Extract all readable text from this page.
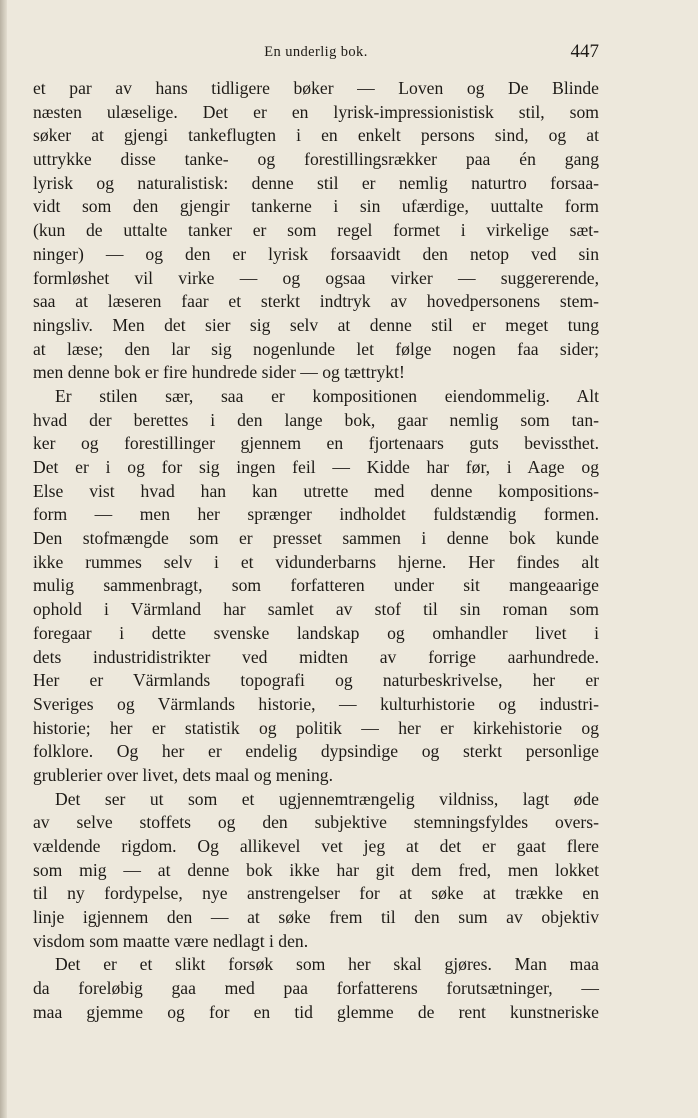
En underlig bok.	447
et par av hans tidligere bøker — Loven og De Blinde
næsten ulæselige. Det er en lyrisk-impressionistisk stil, som
søker at gjengi tankeflugten i en enkelt persons sind, og at
uttrykke disse tanke- og forestillingsrækker paa én gang
lyrisk og naturalistisk: denne stil er nemlig naturtro forsaa-
vidt som den gjengir tankerne i sin ufærdige, uuttalte form
(kun de uttalte tanker er som regel formet i virkelige sæt-
ninger) — og den er lyrisk forsaavidt den netop ved sin
formløshet vil virke — og ogsaa virker — suggererende,
saa at læseren faar et sterkt indtryk av hovedpersonens stem-
ningsliv. Men det sier sig selv at denne stil er meget tung
at læse; den lar sig nogenlunde let følge nogen faa sider;
men denne bok er fire hundrede sider — og tættrykt!
Er stilen sær, saa er kompositionen eiendommelig. Alt
hvad der berettes i den lange bok, gaar nemlig som tan-
ker og forestillinger gjennem en fjortenaars guts bevissthet.
Det er i og for sig ingen feil — Kidde har før, i Aage og
Else vist hvad han kan utrette med denne kompositions-
form — men her sprænger indholdet fuldstændig formen.
Den stofmængde som er presset sammen i denne bok kunde
ikke rummes selv i et vidunderbarns hjerne. Her findes alt
mulig sammenbragt, som forfatteren under sit mangeaarige
ophold i Värmland har samlet av stof til sin roman som
foregaar i dette svenske landskap og omhandler livet i
dets industridistrikter ved midten av forrige aarhundrede.
Her er Värmlands topografi og naturbeskrivelse, her er
Sveriges og Värmlands historie, — kulturhistorie og industri-
historie; her er statistik og politik — her er kirkehistorie og
folklore. Og her er endelig dypsindige og sterkt personlige
grublerier over livet, dets maal og mening.
Det ser ut som et ugjennemtrængelig vildniss, lagt øde
av selve stoffets og den subjektive stemningsfyldes overs-
vældende rigdom. Og allikevel vet jeg at det er gaat flere
som mig — at denne bok ikke har git dem fred, men lokket
til ny fordypelse, nye anstrengelser for at søke at trække en
linje igjennem den — at søke frem til den sum av objektiv
visdom som maatte være nedlagt i den.
Det er et slikt forsøk som her skal gjøres. Man maa
da foreløbig gaa med paa forfatterens forutsætninger, —
maa gjemme og for en tid glemme de rent kunstneriske
